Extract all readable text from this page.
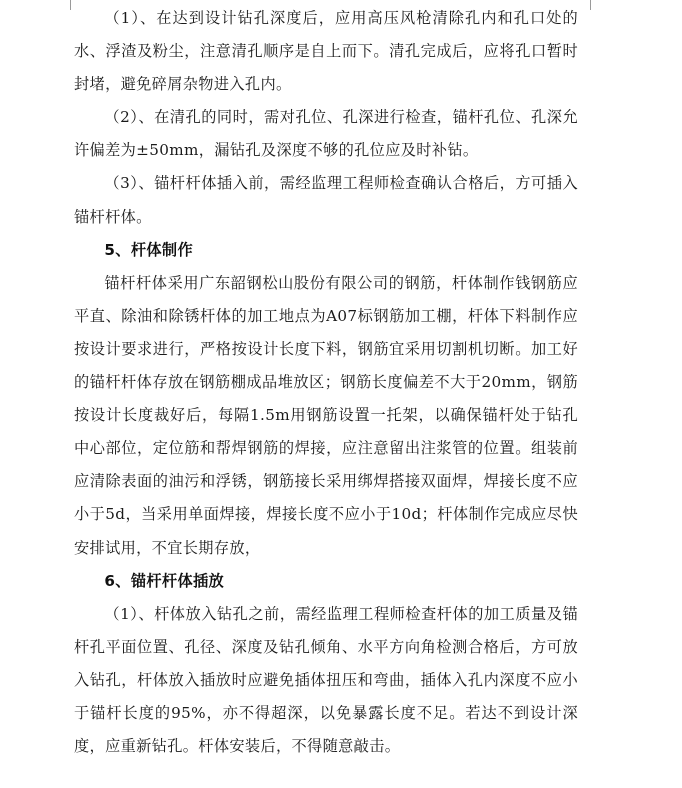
（1）、在达到设计钻孔深度后，应用高压风枪清除孔内和孔口处的水、浮渣及粉尘，注意清孔顺序是自上而下。清孔完成后，应将孔口暂时封堵，避免碎屑杂物进入孔内。

（2）、在清孔的同时，需对孔位、孔深进行检查，锚杆孔位、孔深允许偏差为±50mm，漏钻孔及深度不够的孔位应及时补钻。

（3）、锚杆杆体插入前，需经监理工程师检查确认合格后，方可插入锚杆杆体。

5、杆体制作

锚杆杆体采用广东韶钢松山股份有限公司的钢筋，杆体制作钱钢筋应平直、除油和除锈杆体的加工地点为A07标钢筋加工棚，杆体下料制作应按设计要求进行，严格按设计长度下料，钢筋宜采用切割机切断。加工好的锚杆杆体存放在钢筋棚成品堆放区；钢筋长度偏差不大于20mm，钢筋按设计长度裁好后，每隔1.5m用钢筋设置一托架，以确保锚杆处于钻孔中心部位，定位筋和帮焊钢筋的焊接，应注意留出注浆管的位置。组装前应清除表面的油污和浮锈，钢筋接长采用绑焊搭接双面焊，焊接长度不应小于5d，当采用单面焊接，焊接长度不应小于10d；杆体制作完成应尽快安排试用，不宜长期存放，

6、锚杆杆体插放

（1）、杆体放入钻孔之前，需经监理工程师检查杆体的加工质量及锚杆孔平面位置、孔径、深度及钻孔倾角、水平方向角检测合格后，方可放入钻孔，杆体放入插放时应避免插体扭压和弯曲，插体入孔内深度不应小于锚杆长度的95%，亦不得超深，以免暴露长度不足。若达不到设计深度，应重新钻孔。杆体安装后，不得随意敲击。
